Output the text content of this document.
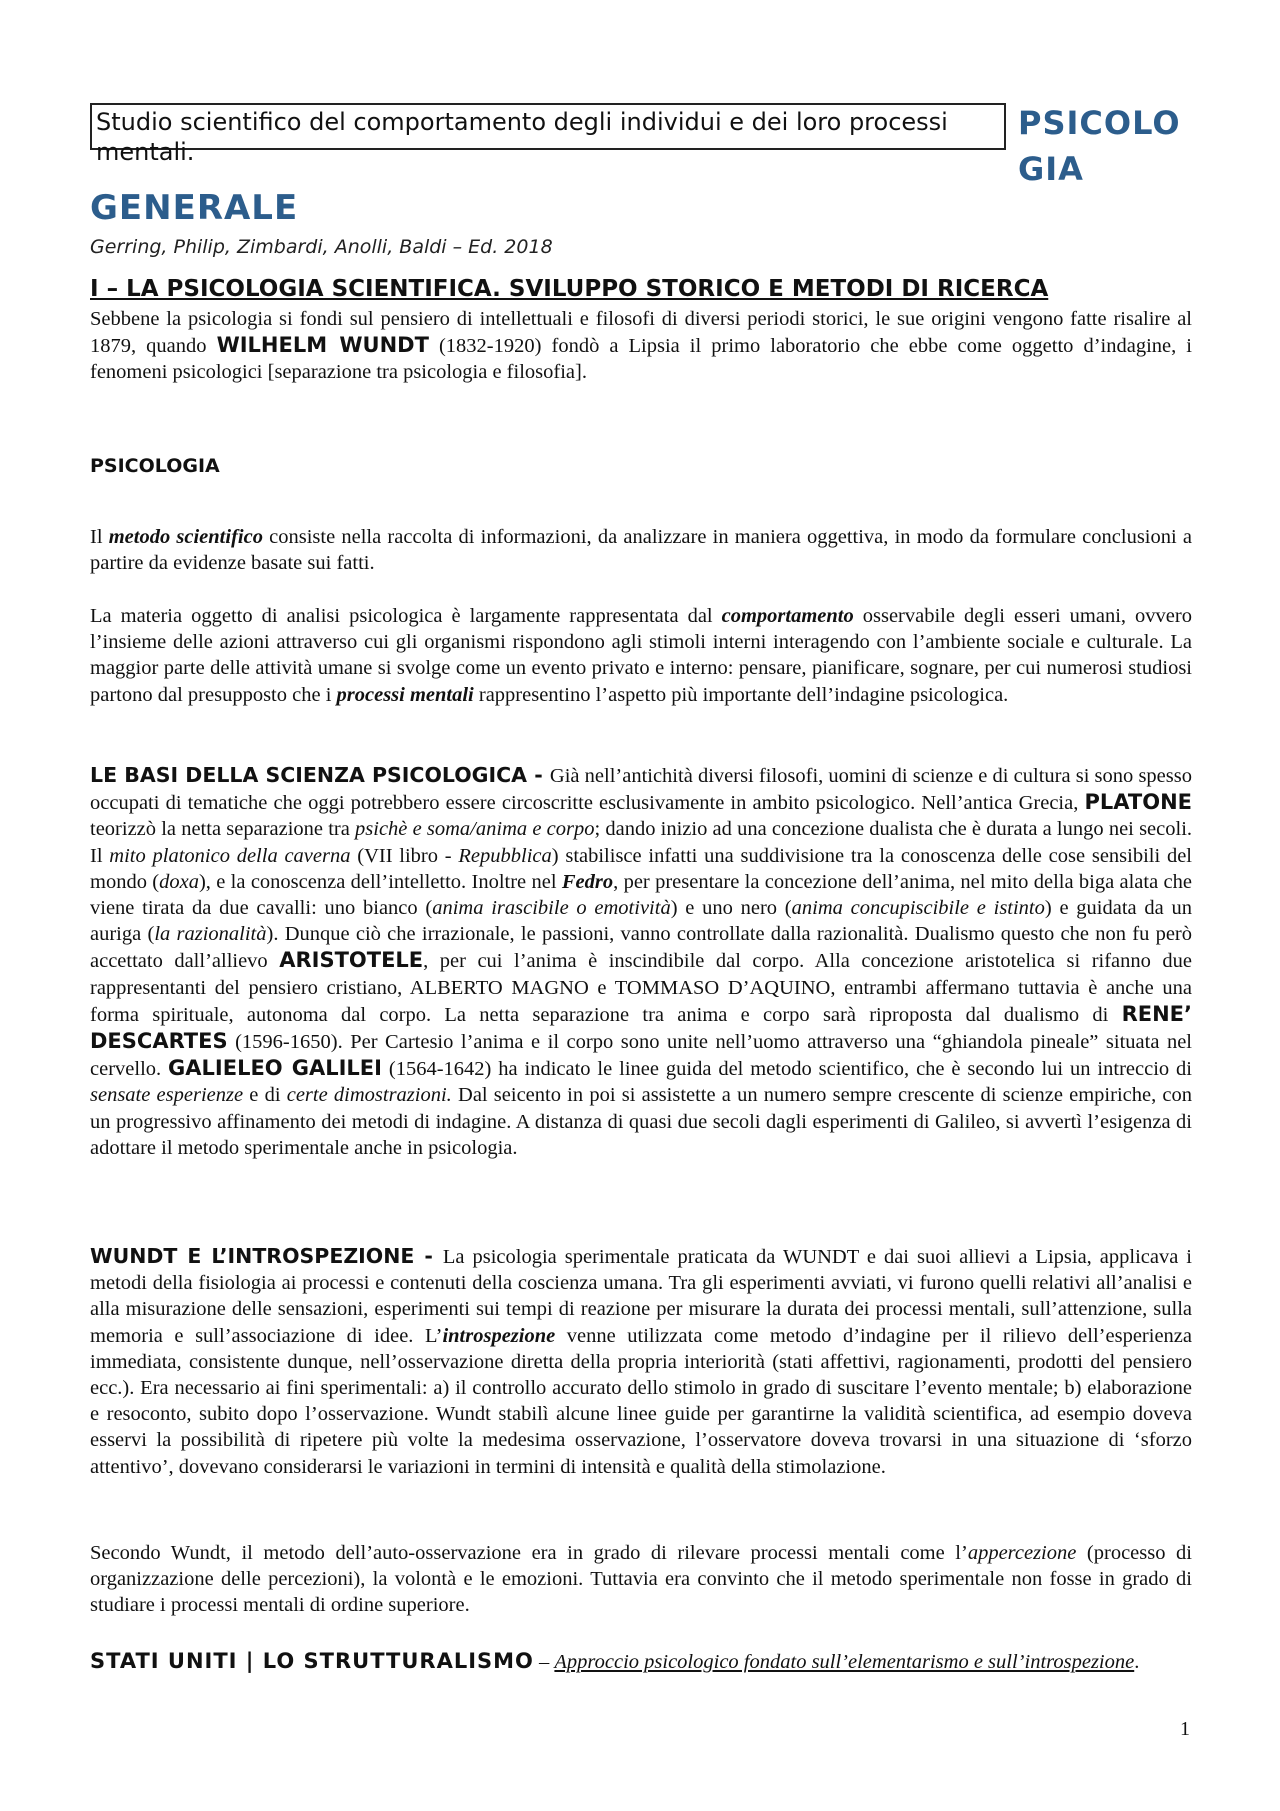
Studio scientifico del comportamento degli individui e dei loro processi mentali.
PSICOLO
GIA
GENERALE
Gerring, Philip, Zimbardi, Anolli, Baldi – Ed. 2018
I – LA PSICOLOGIA SCIENTIFICA. SVILUPPO STORICO E METODI DI RICERCA
Sebbene la psicologia si fondi sul pensiero di intellettuali e filosofi di diversi periodi storici, le sue origini vengono fatte risalire al 1879, quando WILHELM WUNDT (1832-1920) fondò a Lipsia il primo laboratorio che ebbe come oggetto d’indagine, i fenomeni psicologici [separazione tra psicologia e filosofia].
PSICOLOGIA
Il metodo scientifico consiste nella raccolta di informazioni, da analizzare in maniera oggettiva, in modo da formulare conclusioni a partire da evidenze basate sui fatti.
La materia oggetto di analisi psicologica è largamente rappresentata dal comportamento osservabile degli esseri umani, ovvero l’insieme delle azioni attraverso cui gli organismi rispondono agli stimoli interni interagendo con l’ambiente sociale e culturale. La maggior parte delle attività umane si svolge come un evento privato e interno: pensare, pianificare, sognare, per cui numerosi studiosi partono dal presupposto che i processi mentali rappresentino l’aspetto più importante dell’indagine psicologica.
LE BASI DELLA SCIENZA PSICOLOGICA - Già nell’antichità diversi filosofi, uomini di scienze e di cultura si sono spesso occupati di tematiche che oggi potrebbero essere circoscritte esclusivamente in ambito psicologico. Nell’antica Grecia, PLATONE teorizzò la netta separazione tra psichè e soma/anima e corpo; dando inizio ad una concezione dualista che è durata a lungo nei secoli. Il mito platonico della caverna (VII libro - Repubblica) stabilisce infatti una suddivisione tra la conoscenza delle cose sensibili del mondo (doxa), e la conoscenza dell’intelletto. Inoltre nel Fedro, per presentare la concezione dell’anima, nel mito della biga alata che viene tirata da due cavalli: uno bianco (anima irascibile o emotività) e uno nero (anima concupiscibile e istinto) e guidata da un auriga (la razionalità). Dunque ciò che irrazionale, le passioni, vanno controllate dalla razionalità. Dualismo questo che non fu però accettato dall’allievo ARISTOTELE, per cui l’anima è inscindibile dal corpo. Alla concezione aristotelica si rifanno due rappresentanti del pensiero cristiano, ALBERTO MAGNO e TOMMASO D’AQUINO, entrambi affermano tuttavia è anche una forma spirituale, autonoma dal corpo. La netta separazione tra anima e corpo sarà riproposta dal dualismo di RENE’ DESCARTES (1596-1650). Per Cartesio l’anima e il corpo sono unite nell’uomo attraverso una “ghiandola pineale” situata nel cervello. GALIELEO GALILEI (1564-1642) ha indicato le linee guida del metodo scientifico, che è secondo lui un intreccio di sensate esperienze e di certe dimostrazioni. Dal seicento in poi si assistette a un numero sempre crescente di scienze empiriche, con un progressivo affinamento dei metodi di indagine. A distanza di quasi due secoli dagli esperimenti di Galileo, si avvertì l’esigenza di adottare il metodo sperimentale anche in psicologia.
WUNDT E L’INTROSPEZIONE - La psicologia sperimentale praticata da WUNDT e dai suoi allievi a Lipsia, applicava i metodi della fisiologia ai processi e contenuti della coscienza umana. Tra gli esperimenti avviati, vi furono quelli relativi all’analisi e alla misurazione delle sensazioni, esperimenti sui tempi di reazione per misurare la durata dei processi mentali, sull’attenzione, sulla memoria e sull’associazione di idee. L’introspezione venne utilizzata come metodo d’indagine per il rilievo dell’esperienza immediata, consistente dunque, nell’osservazione diretta della propria interiorità (stati affettivi, ragionamenti, prodotti del pensiero ecc.). Era necessario ai fini sperimentali: a) il controllo accurato dello stimolo in grado di suscitare l’evento mentale; b) elaborazione e resoconto, subito dopo l’osservazione. Wundt stabilì alcune linee guide per garantirne la validità scientifica, ad esempio doveva esservi la possibilità di ripetere più volte la medesima osservazione, l’osservatore doveva trovarsi in una situazione di ‘sforzo attentivo’, dovevano considerarsi le variazioni in termini di intensità e qualità della stimolazione.
Secondo Wundt, il metodo dell’auto-osservazione era in grado di rilevare processi mentali come l’appercezione (processo di organizzazione delle percezioni), la volontà e le emozioni. Tuttavia era convinto che il metodo sperimentale non fosse in grado di studiare i processi mentali di ordine superiore.
STATI UNITI | LO STRUTTURALISMO – Approccio psicologico fondato sull’elementarismo e sull’introspezione.
1
